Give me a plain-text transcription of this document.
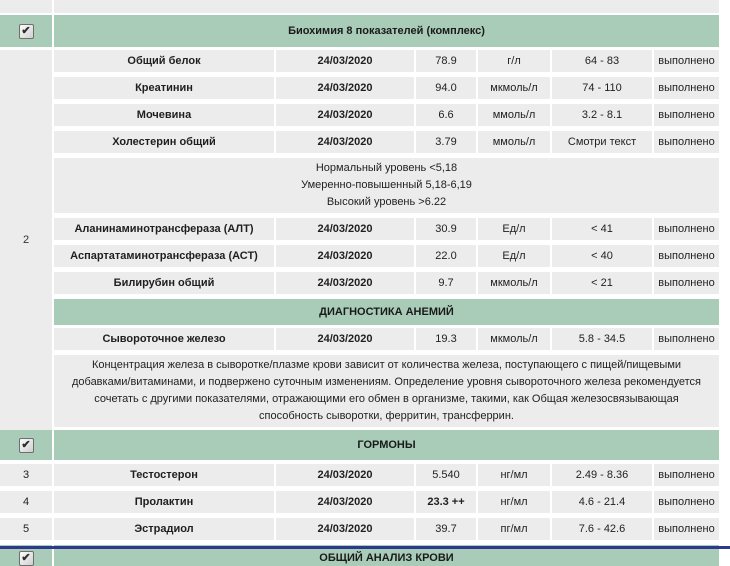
✔	Биохимия 8 показателей (комплекс)
2
Общий белок	24/03/2020	78.9	г/л	64 - 83	выполнено
Креатинин	24/03/2020	94.0	мкмоль/л	74 - 110	выполнено
Мочевина	24/03/2020	6.6	ммоль/л	3.2 - 8.1	выполнено
Холестерин общий	24/03/2020	3.79	ммоль/л	Смотри текст	выполнено
Нормальный уровень <5,18
Умеренно-повышенный 5,18-6,19
Высокий уровень >6.22
Аланинаминотрансфераза (АЛТ)	24/03/2020	30.9	Ед/л	< 41	выполнено
Аспартатаминотрансфераза (АСТ)	24/03/2020	22.0	Ед/л	< 40	выполнено
Билирубин общий	24/03/2020	9.7	мкмоль/л	< 21	выполнено
ДИАГНОСТИКА АНЕМИЙ
Сывороточное железо	24/03/2020	19.3	мкмоль/л	5.8 - 34.5	выполнено
Концентрация железа в сыворотке/плазме крови зависит от количества железа, поступающего с пищей/пищевыми добавками/витаминами, и подвержено суточным изменениям. Определение уровня сывороточного железа рекомендуется сочетать с другими показателями, отражающими его обмен в организме, такими, как Общая железосвязывающая способность сыворотки, ферритин, трансферрин.
✔	ГОРМОНЫ
3	Тестостерон	24/03/2020	5.540	нг/мл	2.49 - 8.36	выполнено
4	Пролактин	24/03/2020	23.3 ++	нг/мл	4.6 - 21.4	выполнено
5	Эстрадиол	24/03/2020	39.7	пг/мл	7.6 - 42.6	выполнено
✔	ОБЩИЙ АНАЛИЗ КРОВИ
